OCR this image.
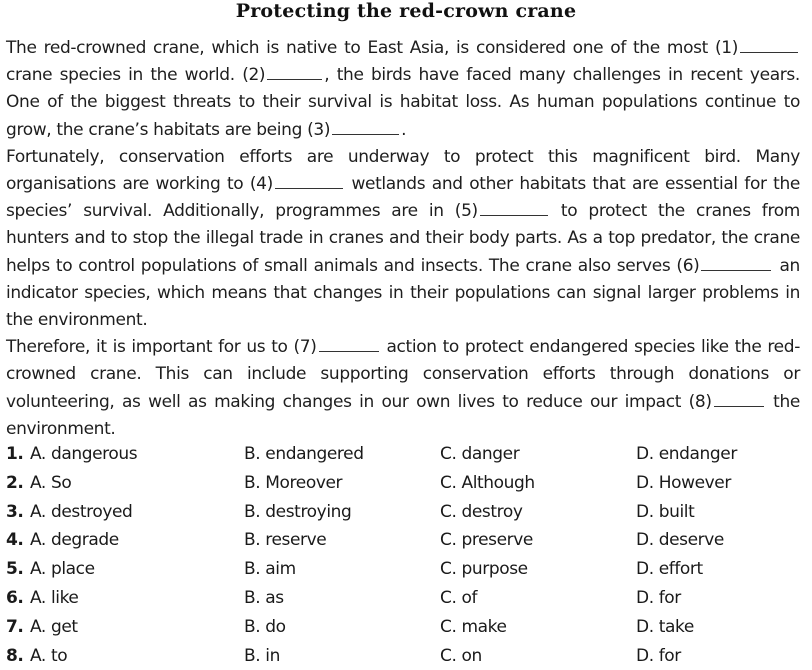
Protecting the red-crown crane

The red-crowned crane, which is native to East Asia, is considered one of the most (1) crane species in the world. (2)	, the birds have faced many challenges in recent years. One of the biggest threats to their survival is habitat loss. As human populations continue to grow, the crane’s habitats are being (3)	.

Fortunately, conservation efforts are underway to protect this magnificent bird. Many organisations are working to (4)	wetlands and other habitats that are essential for the species’ survival. Additionally, programmes are in (5)	to protect the cranes from hunters and to stop the illegal trade in cranes and their body parts. As a top predator, the crane helps to control populations of small animals and insects. The crane also serves (6)	an indicator species, which means that changes in their populations can signal larger problems in the environment.

Therefore, it is important for us to (7)	action to protect endangered species like the red-crowned crane. This can include supporting conservation efforts through donations or volunteering, as well as making changes in our own lives to reduce our impact (8)	the environment.

1. A. dangerous	B. endangered	C. danger	D. endanger
2. A. So	B. Moreover	C. Although	D. However
3. A. destroyed	B. destroying	C. destroy	D. built
4. A. degrade	B. reserve	C. preserve	D. deserve
5. A. place	B. aim	C. purpose	D. effort
6. A. like	B. as	C. of	D. for
7. A. get	B. do	C. make	D. take
8. A. to	B. in	C. on	D. for
